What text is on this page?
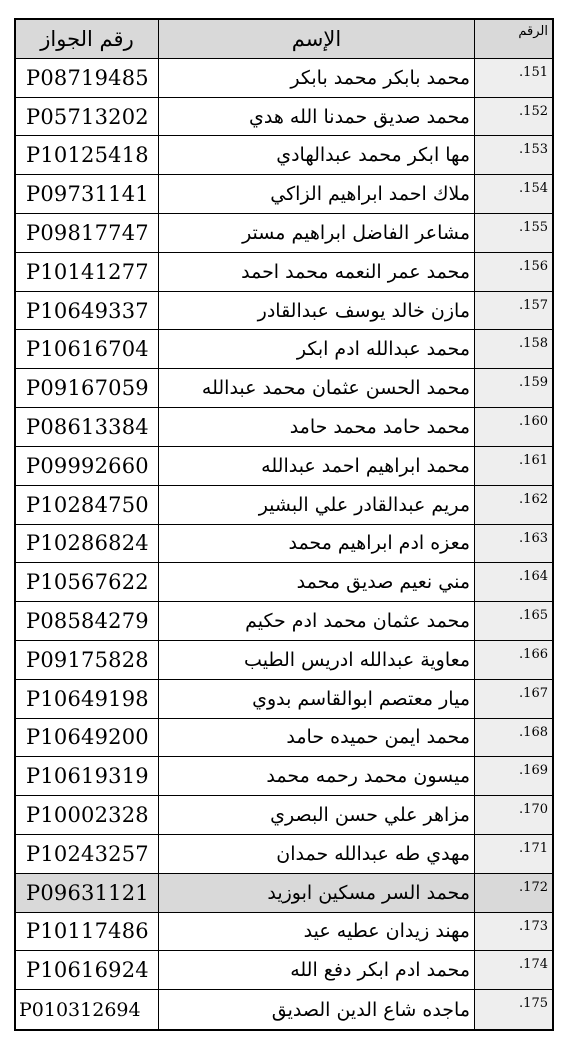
رقم الجواز	الإسم	الرقم
P08719485	محمد بابكر محمد بابكر	.151
P05713202	محمد صديق حمدنا الله هدي	.152
P10125418	مها ابكر محمد عبدالهادي	.153
P09731141	ملاك احمد ابراهيم الزاكي	.154
P09817747	مشاعر الفاضل ابراهيم مستر	.155
P10141277	محمد عمر النعمه محمد احمد	.156
P10649337	مازن خالد يوسف عبدالقادر	.157
P10616704	محمد عبدالله ادم ابكر	.158
P09167059	محمد الحسن عثمان محمد عبدالله	.159
P08613384	محمد حامد محمد حامد	.160
P09992660	محمد ابراهيم احمد عبدالله	.161
P10284750	مريم عبدالقادر علي البشير	.162
P10286824	معزه ادم ابراهيم محمد	.163
P10567622	مني نعيم صديق محمد	.164
P08584279	محمد عثمان محمد ادم حكيم	.165
P09175828	معاوية عبدالله ادريس الطيب	.166
P10649198	ميار معتصم ابوالقاسم بدوي	.167
P10649200	محمد ايمن حميده حامد	.168
P10619319	ميسون محمد رحمه محمد	.169
P10002328	مزاهر علي حسن البصري	.170
P10243257	مهدي طه عبدالله حمدان	.171
P09631121	محمد السر مسكين ابوزيد	.172
P10117486	مهند زيدان عطيه عيد	.173
P10616924	محمد ادم ابكر دفع الله	.174
P010312694	ماجده شاع الدين الصديق	.175
